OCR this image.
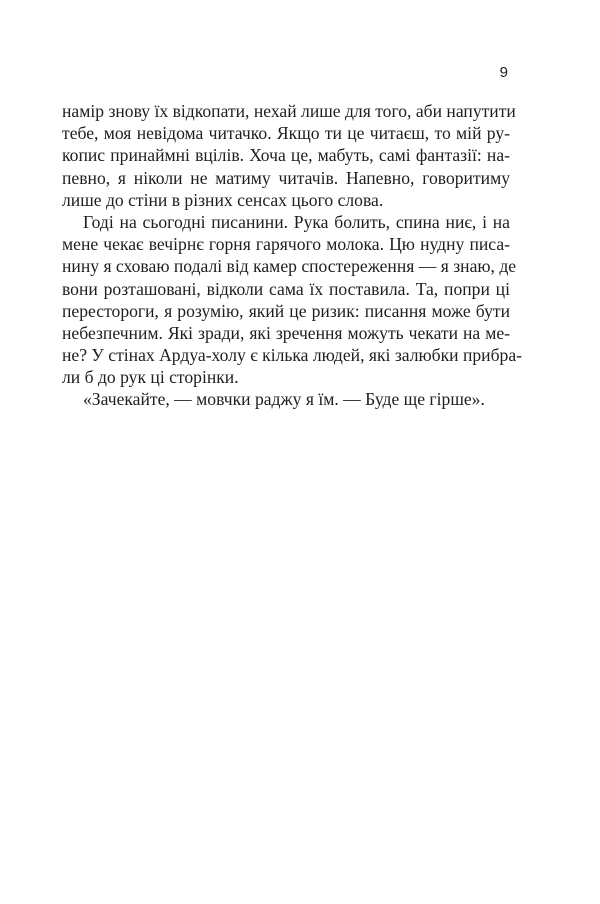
9
намір знову їх відкопати, нехай лише для того, аби напутити
тебе, моя невідома читачко. Якщо ти це читаєш, то мій ру-
копис принаймні вцілів. Хоча це, мабуть, самі фантазії: на-
певно, я ніколи не матиму читачів. Напевно, говоритиму
лише до стіни в різних сенсах цього слова.
Годі на сьогодні писанини. Рука болить, спина ниє, і на
мене чекає вечірнє горня гарячого молока. Цю нудну писа-
нину я сховаю подалі від камер спостереження — я знаю, де
вони розташовані, відколи сама їх поставила. Та, попри ці
перестороги, я розумію, який це ризик: писання може бути
небезпечним. Які зради, які зречення можуть чекати на ме-
не? У стінах Ардуа-холу є кілька людей, які залюбки прибра-
ли б до рук ці сторінки.
«Зачекайте, — мовчки раджу я їм. — Буде ще гірше».
